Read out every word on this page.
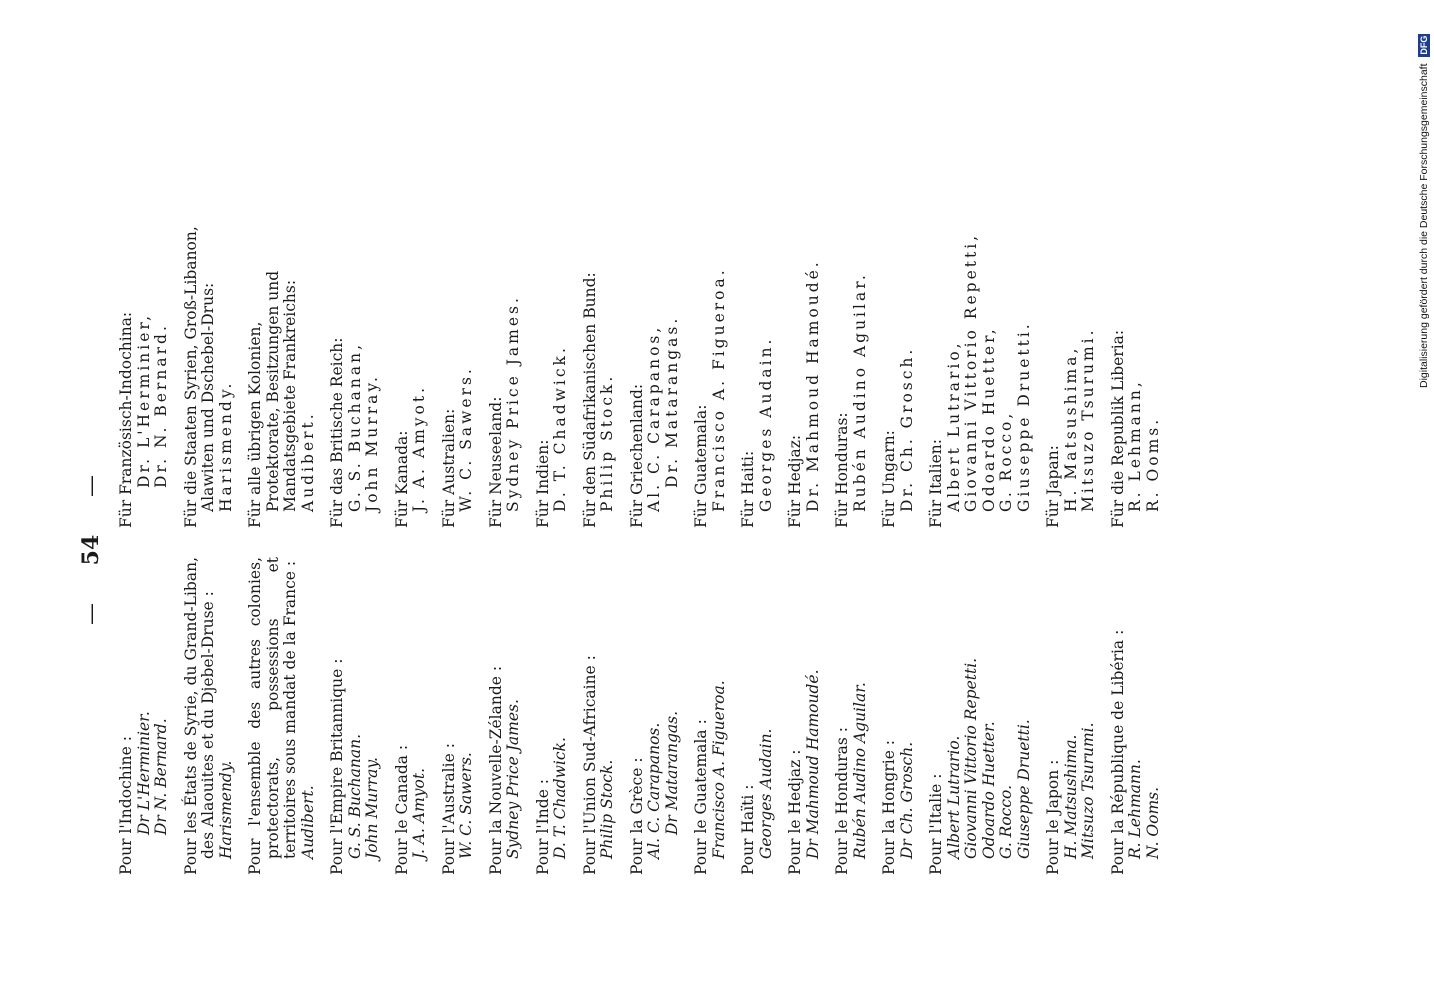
— 54 —
Pour l'Indochine : Dr L'Herminier. Dr N. Bernard. Pour les États de Syrie, du Grand-Liban, des Alaouites et du Djebel-Druse : Harismendy. Pour l'ensemble des autres colonies, protectorats, possessions et territoires sous mandat de la France : Audibert. Pour l'Empire Britannique : G. S. Buchanan. John Murray. Pour le Canada : J. A. Amyot. Pour l'Australie : W. C. Sawers. Pour la Nouvelle-Zélande : Sydney Price James. Pour l'Inde : D. T. Chadwick. Pour l'Union Sud-Africaine : Philip Stock. Pour la Grèce : Al. C. Carapanos. Dr Matarangas. Pour le Guatemala : Francisco A. Figueroa. Pour Haïti : Georges Audain. Pour le Hedjaz : Dr Mahmoud Hamoudé. Pour le Honduras : Rubén Audino Aguilar. Pour la Hongrie : Dr Ch. Grosch. Pour l'Italie : Albert Lutrario. Giovanni Vittorio Repetti. Odoardo Huetter. G. Rocco. Giuseppe Druetti. Pour le Japon : H. Matsushima. Mitsuzo Tsurumi. Pour la République de Libéria : R. Lehmann. N. Ooms.
Für Französisch-Indochina: Dr. L'Herminier, Dr. N. Bernard. Für die Staaten Syrien, Groß-Libanon, Alawiten und Dschebel-Drus: Harismendy. Für alle übrigen Kolonien, Protektorate, Besitzungen und Mandatsgebiete Frankreichs: Audibert. Für das Britische Reich: G. S. Buchanan, John Murray. Für Kanada: J. A. Amyot. Für Australien: W. C. Sawers. Für Neuseeland: Sydney Price James. Für Indien: D. T. Chadwick. Für den Südafrikanischen Bund: Philip Stock. Für Griechenland: Al. C. Carapanos, Dr. Matarangas. Für Guatemala: Francisco A. Figueroa. Für Haiti: Georges Audain. Für Hedjaz: Dr. Mahmoud Hamoudé. Für Honduras: Rubén Audino Aguilar. Für Ungarn: Dr. Ch. Grosch. Für Italien: Albert Lutrario, Giovanni Vittorio Repetti, Odoardo Huetter, G. Rocco, Giuseppe Druetti. Für Japan: H. Matsushima, Mitsuzo Tsurumi. Für die Republik Liberia: R. Lehmann, R. Ooms.
Digitalisierung gefördert durch die Deutsche Forschungsgemeinschaft DFG
